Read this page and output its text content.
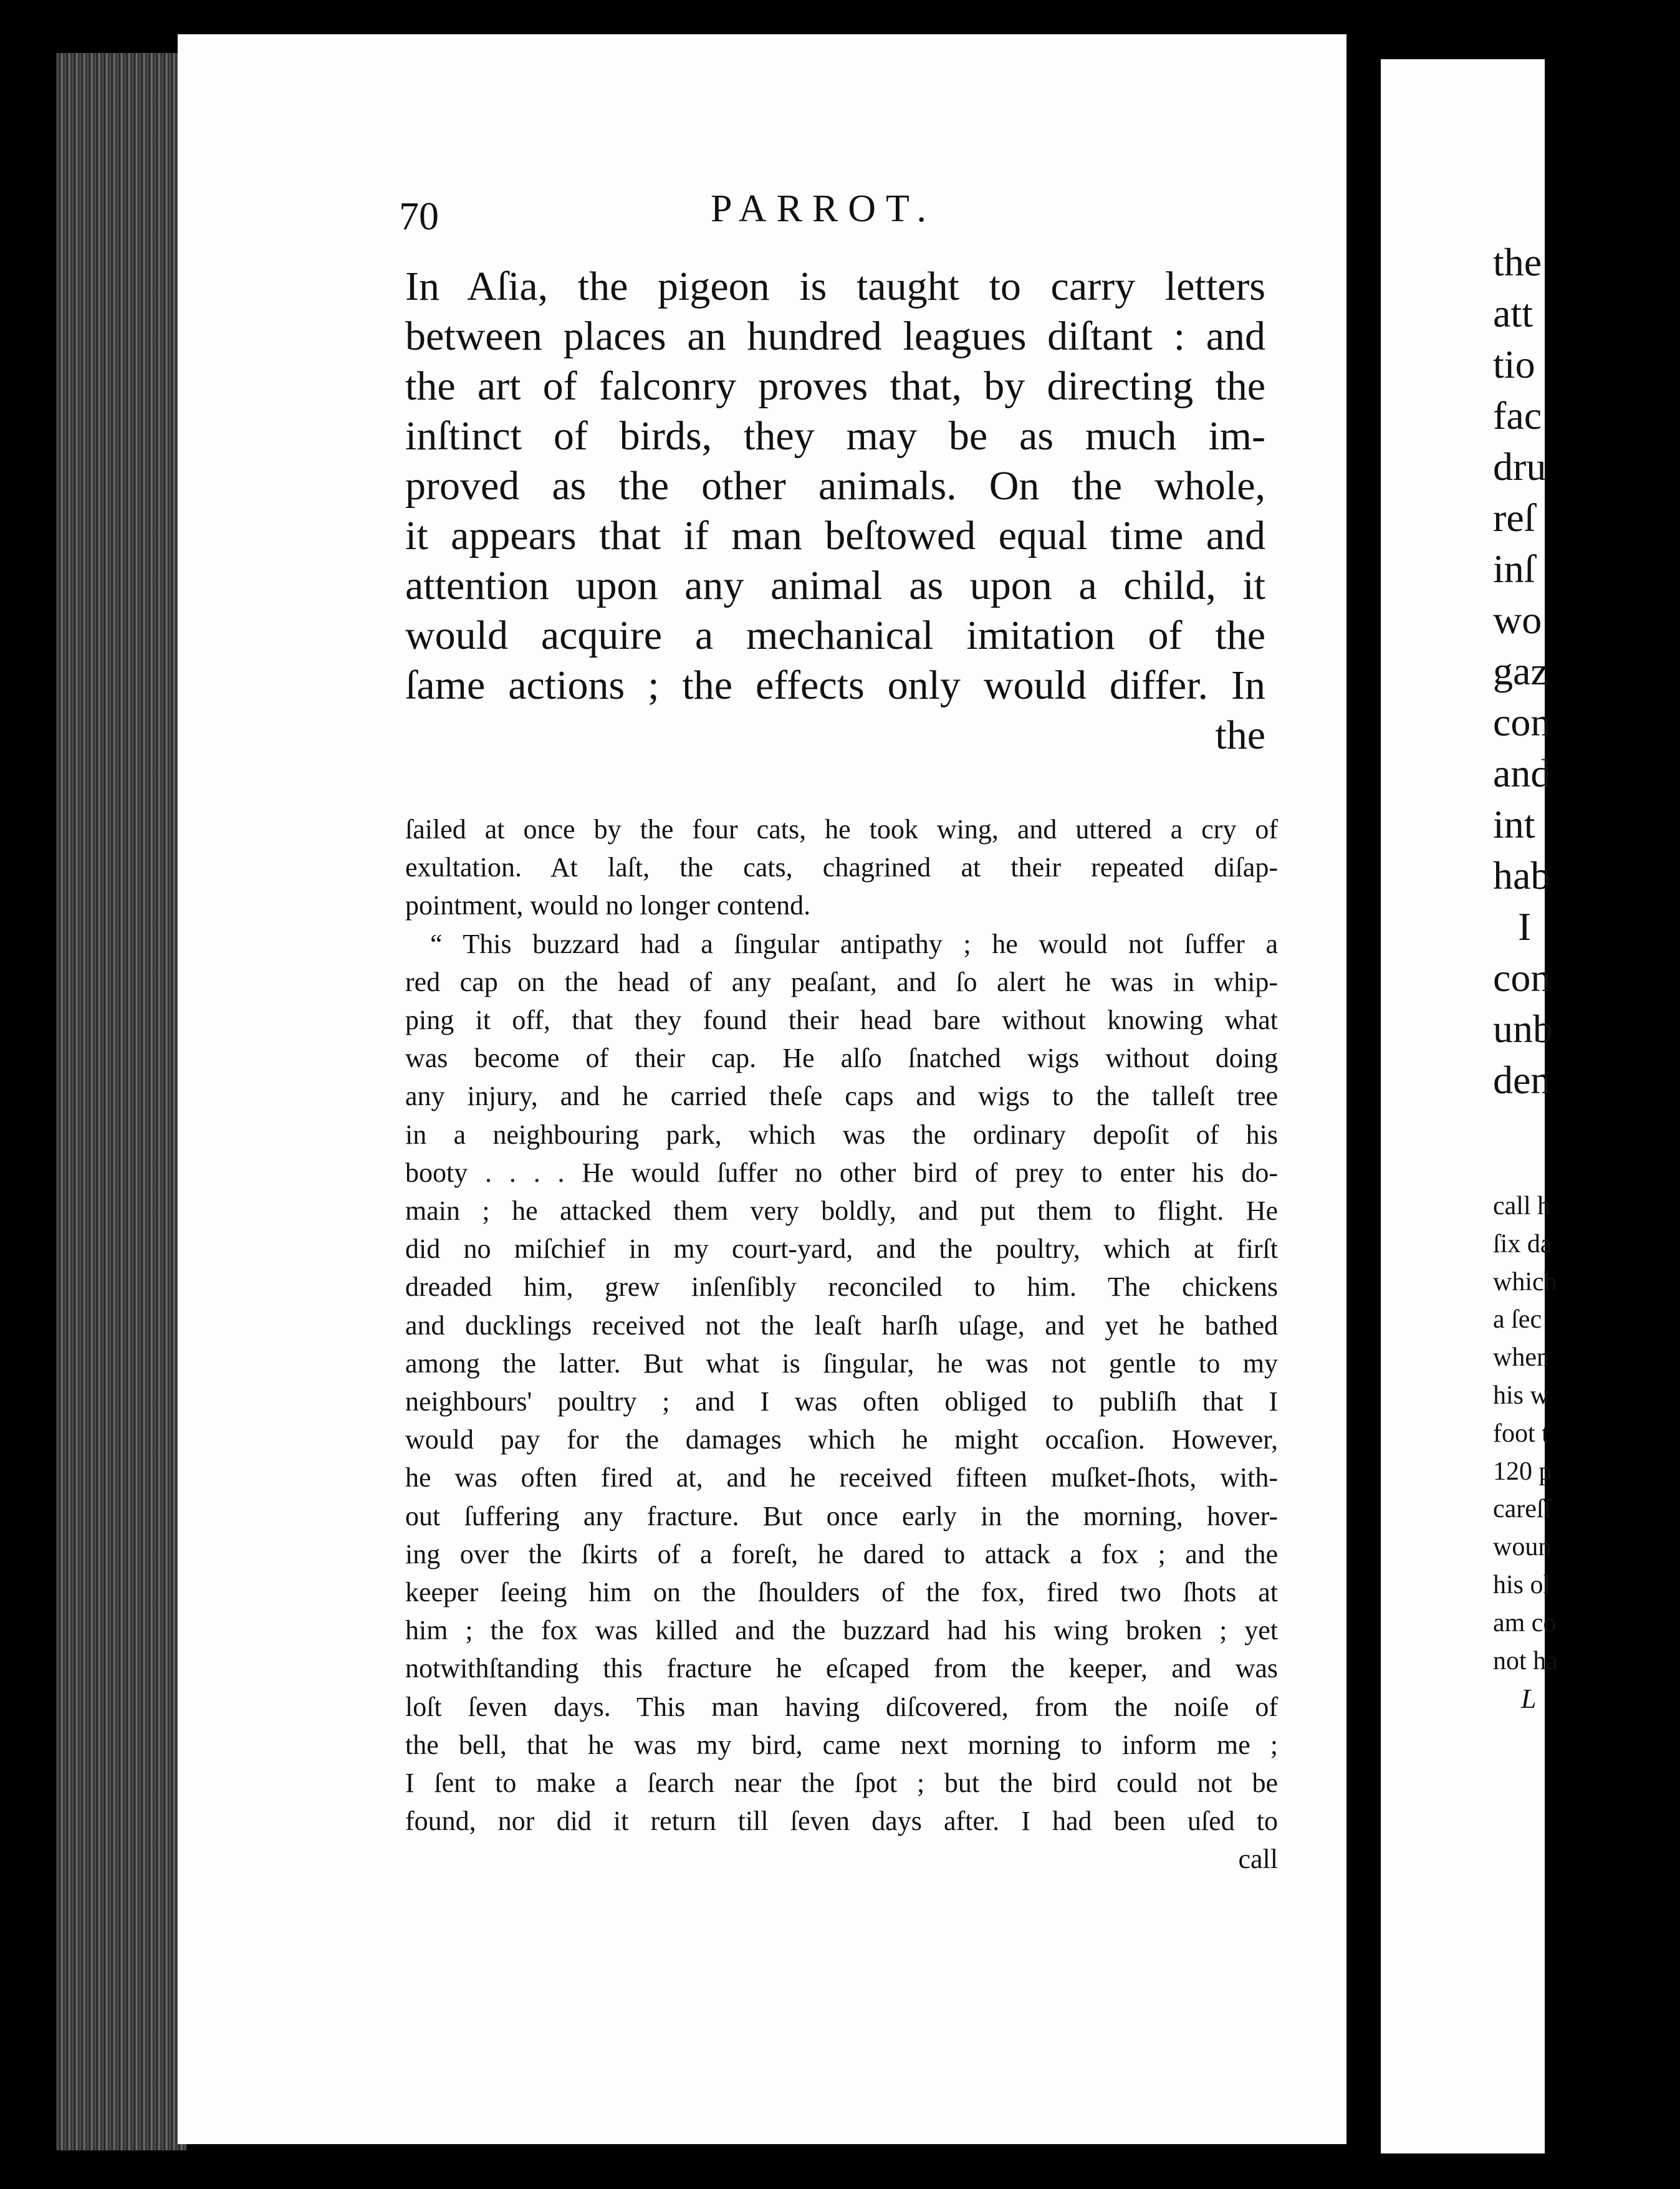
70	PARROT.
In Aſia, the pigeon is taught to carry letters
between places an hundred leagues diſtant : and
the art of falconry proves that, by directing the
inſtinct of birds, they may be as much im-
proved as the other animals. On the whole,
it appears that if man beſtowed equal time and
attention upon any animal as upon a child, it
would acquire a mechanical imitation of the
ſame actions ; the effects only would differ. In
the
ſailed at once by the four cats, he took wing, and uttered a cry of
exultation. At laſt, the cats, chagrined at their repeated diſap-
pointment, would no longer contend.
“ This buzzard had a ſingular antipathy ; he would not ſuffer a
red cap on the head of any peaſant, and ſo alert he was in whip-
ping it off, that they found their head bare without knowing what
was become of their cap. He alſo ſnatched wigs without doing
any injury, and he carried theſe caps and wigs to the talleſt tree
in a neighbouring park, which was the ordinary depoſit of his
booty . . . . He would ſuffer no other bird of prey to enter his do-
main ; he attacked them very boldly, and put them to flight. He
did no miſchief in my court-yard, and the poultry, which at firſt
dreaded him, grew inſenſibly reconciled to him. The chickens
and ducklings received not the leaſt harſh uſage, and yet he bathed
among the latter. But what is ſingular, he was not gentle to my
neighbours' poultry ; and I was often obliged to publiſh that I
would pay for the damages which he might occaſion. However,
he was often fired at, and he received fifteen muſket-ſhots, with-
out ſuffering any fracture. But once early in the morning, hover-
ing over the ſkirts of a foreſt, he dared to attack a fox ; and the
keeper ſeeing him on the ſhoulders of the fox, fired two ſhots at
him ; the fox was killed and the buzzard had his wing broken ; yet
notwithſtanding this fracture he eſcaped from the keeper, and was
loſt ſeven days. This man having diſcovered, from the noiſe of
the bell, that he was my bird, came next morning to inform me ;
I ſent to make a ſearch near the ſpot ; but the bird could not be
found, nor did it return till ſeven days after. I had been uſed to
call
the
att
tio
fac
dru
reſ
inſ
wo
gaz
con
and
int
hab
I
con
unb
den
call h
ſix da
which
a ſec
when
his w
foot t
120 p
careſſ
woun
his ol
am co
not ha
L
